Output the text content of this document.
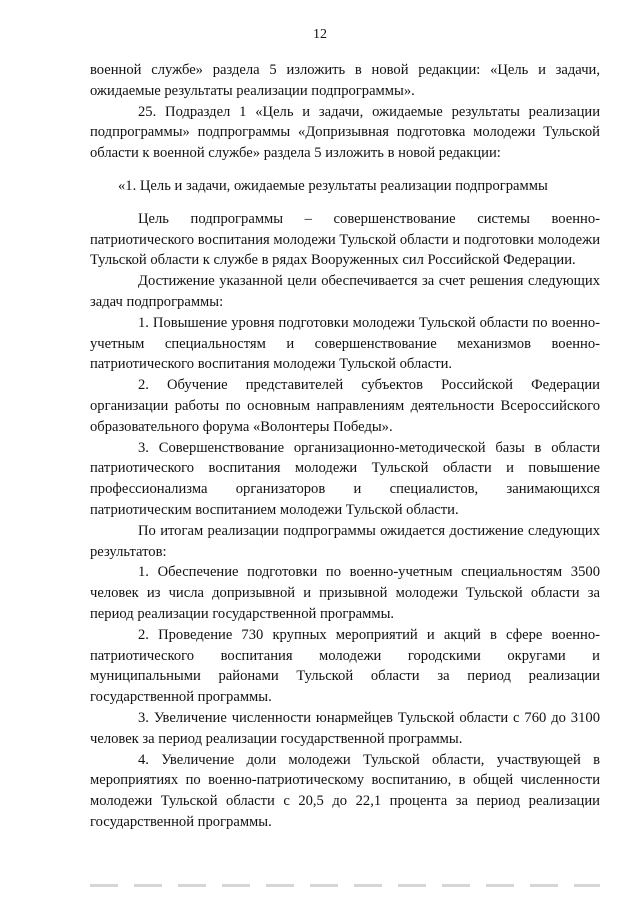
12

военной службе» раздела 5 изложить в новой редакции: «Цель и задачи, ожидаемые результаты реализации подпрограммы».

25. Подраздел 1 «Цель и задачи, ожидаемые результаты реализации подпрограммы» подпрограммы «Допризывная подготовка молодежи Тульской области к военной службе» раздела 5 изложить в новой редакции:

«1. Цель и задачи, ожидаемые результаты реализации подпрограммы

Цель подпрограммы – совершенствование системы военно-патриотического воспитания молодежи Тульской области и подготовки молодежи Тульской области к службе в рядах Вооруженных сил Российской Федерации.

Достижение указанной цели обеспечивается за счет решения следующих задач подпрограммы:

1. Повышение уровня подготовки молодежи Тульской области по военно-учетным специальностям и совершенствование механизмов военно-патриотического воспитания молодежи Тульской области.

2. Обучение представителей субъектов Российской Федерации организации работы по основным направлениям деятельности Всероссийского образовательного форума «Волонтеры Победы».

3. Совершенствование организационно-методической базы в области патриотического воспитания молодежи Тульской области и повышение профессионализма организаторов и специалистов, занимающихся патриотическим воспитанием молодежи Тульской области.

По итогам реализации подпрограммы ожидается достижение следующих результатов:

1. Обеспечение подготовки по военно-учетным специальностям 3500 человек из числа допризывной и призывной молодежи Тульской области за период реализации государственной программы.

2. Проведение 730 крупных мероприятий и акций в сфере военно-патриотического воспитания молодежи городскими округами и муниципальными районами Тульской области за период реализации государственной программы.

3. Увеличение численности юнармейцев Тульской области с 760 до 3100 человек за период реализации государственной программы.

4. Увеличение доли молодежи Тульской области, участвующей в мероприятиях по военно-патриотическому воспитанию, в общей численности молодежи Тульской области с 20,5 до 22,1 процента за период реализации государственной программы.
